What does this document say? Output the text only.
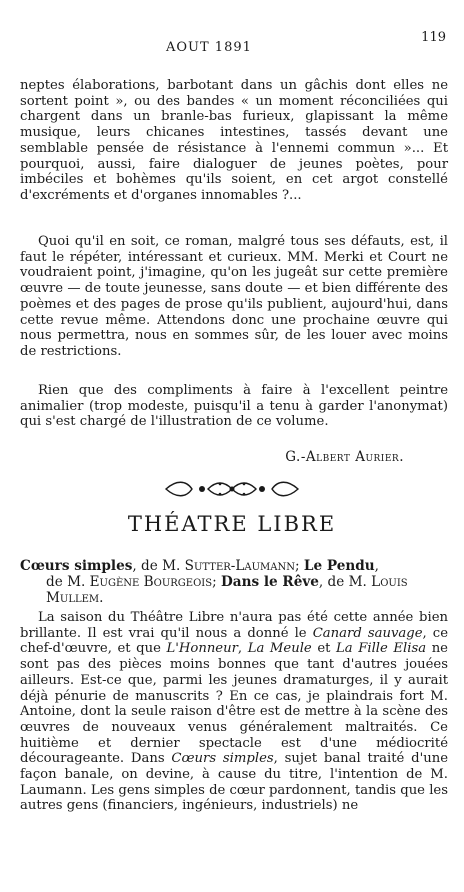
AOUT 1891
119

neptes élaborations, barbotant dans un gâchis dont elles ne sortent point », ou des bandes « un moment réconciliées qui chargent dans un branle-bas furieux, glapissant la même musique, leurs chicanes intestines, tassés devant une semblable pensée de résistance à l'ennemi commun »... Et pourquoi, aussi, faire dialoguer de jeunes poètes, pour imbéciles et bohèmes qu'ils soient, en cet argot constellé d'excréments et d'organes innomables ?...

Quoi qu'il en soit, ce roman, malgré tous ses défauts, est, il faut le répéter, intéressant et curieux. MM. Merki et Court ne voudraient point, j'imagine, qu'on les jugeât sur cette première œuvre — de toute jeunesse, sans doute — et bien différente des poèmes et des pages de prose qu'ils publient, aujourd'hui, dans cette revue même. Attendons donc une prochaine œuvre qui nous permettra, nous en sommes sûr, de les louer avec moins de restrictions.

Rien que des compliments à faire à l'excellent peintre animalier (trop modeste, puisqu'il a tenu à garder l'anonymat) qui s'est chargé de l'illustration de ce volume.

G.-Albert Aurier.
THÉATRE LIBRE
Cœurs simples, de M. Sutter-Laumann; Le Pendu,
de M. Eugène Bourgeois; Dans le Rêve, de M. Louis Mullem.

La saison du Théâtre Libre n'aura pas été cette année bien brillante. Il est vrai qu'il nous a donné le Canard sauvage, ce chef-d'œuvre, et que L'Honneur, La Meule et La Fille Elisa ne sont pas des pièces moins bonnes que tant d'autres jouées ailleurs. Est-ce que, parmi les jeunes dramaturges, il y aurait déjà pénurie de manuscrits ? En ce cas, je plaindrais fort M. Antoine, dont la seule raison d'être est de mettre à la scène des œuvres de nouveaux venus généralement maltraités. Ce huitième et dernier spectacle est d'une médiocrité décourageante. Dans Cœurs simples, sujet banal traité d'une façon banale, on devine, à cause du titre, l'intention de M. Laumann. Les gens simples de cœur pardonnent, tandis que les autres gens (financiers, ingénieurs, industriels) ne
